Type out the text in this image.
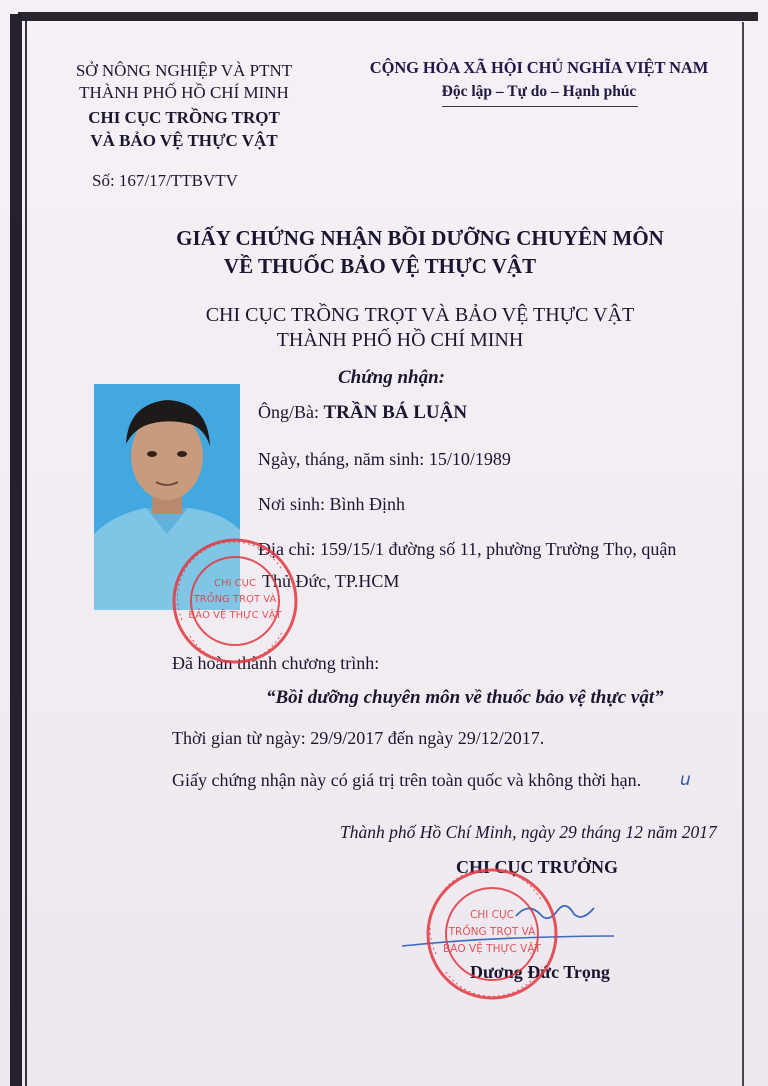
SỞ NÔNG NGHIỆP VÀ PTNT
THÀNH PHỐ HỒ CHÍ MINH
CHI CỤC TRỒNG TRỌT
VÀ BẢO VỆ THỰC VẬT
Số: 167/17/TTBVTV
CỘNG HÒA XÃ HỘI CHỦ NGHĨA VIỆT NAM
Độc lập – Tự do – Hạnh phúc
GIẤY CHỨNG NHẬN BỒI DƯỠNG CHUYÊN MÔN
VỀ THUỐC BẢO VỆ THỰC VẬT
CHI CỤC TRỒNG TRỌT VÀ BẢO VỆ THỰC VẬT
THÀNH PHỐ HỒ CHÍ MINH
Chứng nhận:
Ông/Bà: TRẦN BÁ LUẬN
Ngày, tháng, năm sinh: 15/10/1989
Nơi sinh: Bình Định
Địa chỉ: 159/15/1 đường số 11, phường Trường Thọ, quận
Thủ Đức, TP.HCM
Đã hoàn thành chương trình:
“Bồi dưỡng chuyên môn về thuốc bảo vệ thực vật”
Thời gian từ ngày: 29/9/2017 đến ngày 29/12/2017.
Giấy chứng nhận này có giá trị trên toàn quốc và không thời hạn. u
Thành phố Hồ Chí Minh, ngày 29 tháng 12 năm 2017
CHI CỤC TRƯỞNG
Dương Đức Trọng
CHI CỤC
TRỒNG TRỌT VÀ
BẢO VỆ THỰC VẬT
CHI CỤC
TRỒNG TRỌT VÀ
BẢO VỆ THỰC VẬT
